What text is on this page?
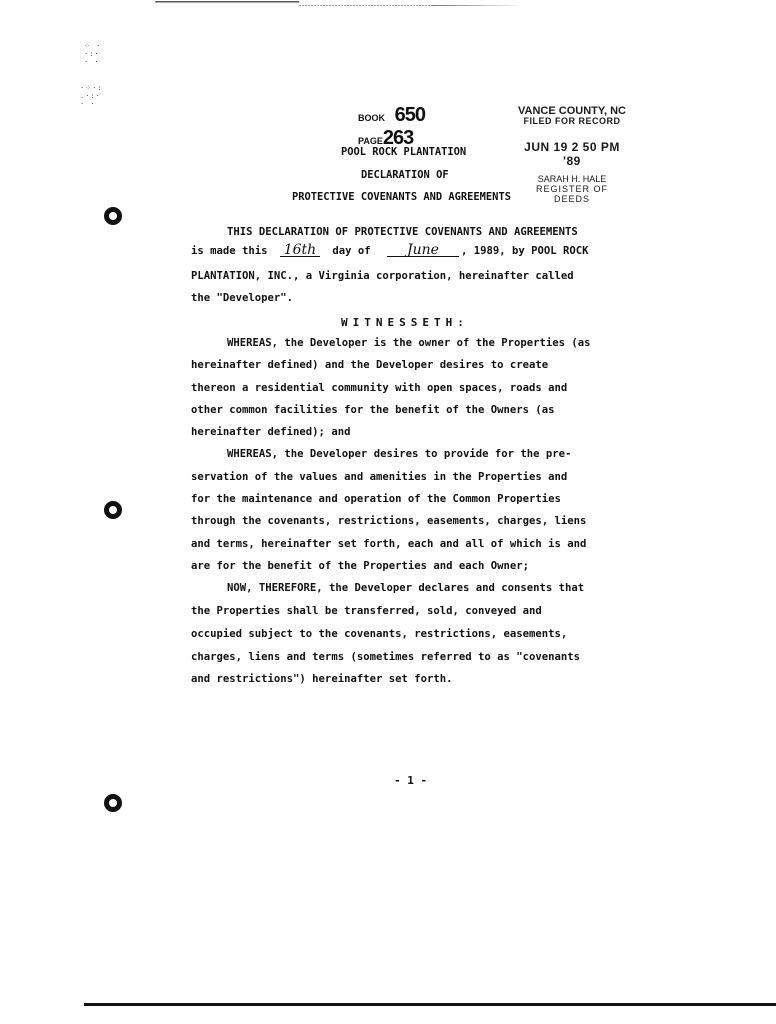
⁘ ·
·:·
· ·
·⁘·:
.·:·
· ·
BOOK 650 PAGE263
VANCE COUNTY, NC
FILED FOR RECORD
JUN 19 2 50 PM '89
SARAH H. HALE
REGISTER OF DEEDS
POOL ROCK PLANTATION
DECLARATION OF
PROTECTIVE COVENANTS AND AGREEMENTS
THIS DECLARATION OF PROTECTIVE COVENANTS AND AGREEMENTS
is made this 16th day of	June , 1989, by POOL ROCK
PLANTATION, INC., a Virginia corporation, hereinafter called
the "Developer".
WITNESSETH:
WHEREAS, the Developer is the owner of the Properties (as
hereinafter defined) and the Developer desires to create
thereon a residential community with open spaces, roads and
other common facilities for the benefit of the Owners (as
hereinafter defined); and
WHEREAS, the Developer desires to provide for the pre-
servation of the values and amenities in the Properties and
for the maintenance and operation of the Common Properties
through the covenants, restrictions, easements, charges, liens
and terms, hereinafter set forth, each and all of which is and
are for the benefit of the Properties and each Owner;
NOW, THEREFORE, the Developer declares and consents that
the Properties shall be transferred, sold, conveyed and
occupied subject to the covenants, restrictions, easements,
charges, liens and terms (sometimes referred to as "covenants
and restrictions") hereinafter set forth.
- 1 -
